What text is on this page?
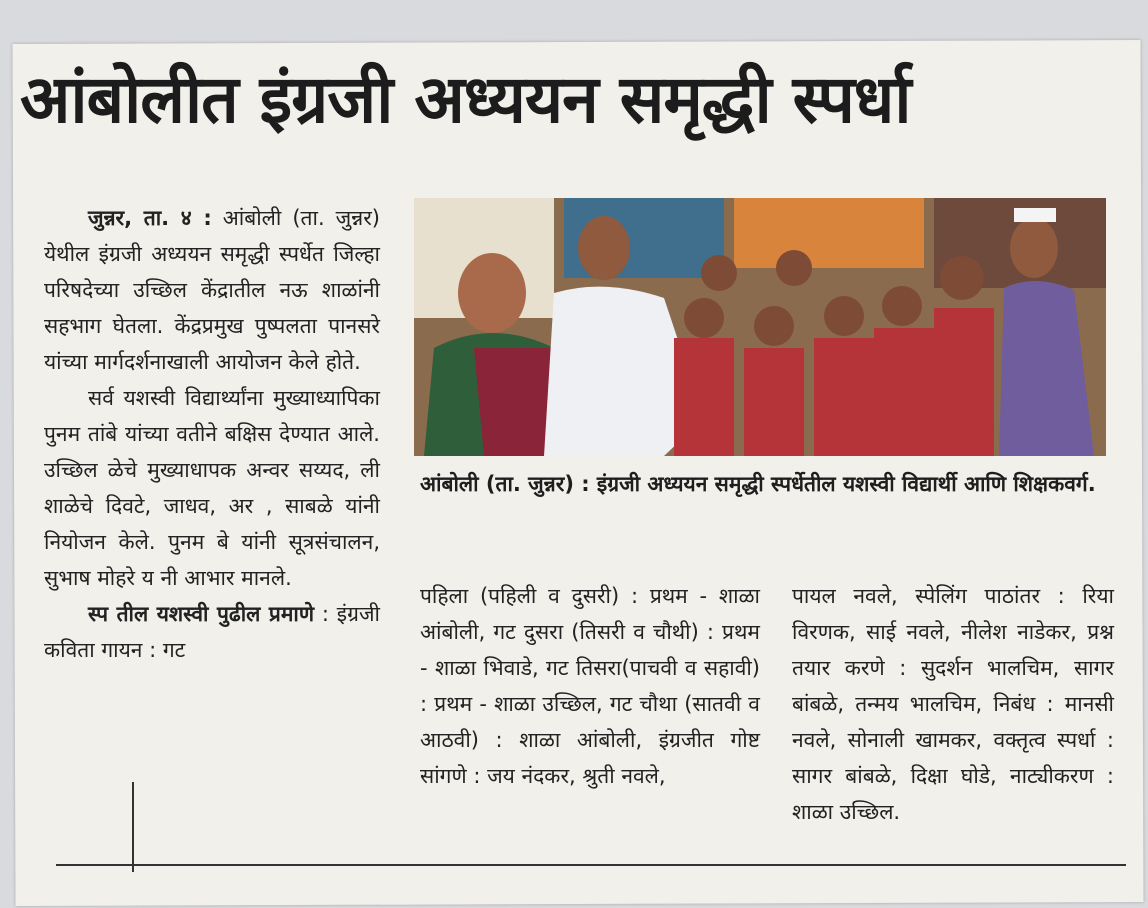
आंबोलीत इंग्रजी अध्ययन समृद्धी स्पर्धा

जुन्नर, ता. ४ : आंबोली (ता. जुन्नर) येथील इंग्रजी अध्ययन समृद्धी स्पर्धेत जिल्हा परिषदेच्या उच्छिल केंद्रातील नऊ शाळांनी सहभाग घेतला. केंद्रप्रमुख पुष्पलता पानसरे यांच्या मार्गदर्शनाखाली आयोजन केले होते.

सर्व यशस्वी विद्यार्थ्यांना मुख्याध्यापिका पुनम तांबे यांच्या वतीने बक्षिस देण्यात आले. उच्छिल ळेचे मुख्याधापक अन्वर सय्यद, ली शाळेचे दिवटे, जाधव, अर , साबळे यांनी नियोजन केले. पुनम बे यांनी सूत्रसंचालन, सुभाष मोहरे य नी आभार मानले.

स्प तील यशस्वी पुढील प्रमाणे : इंग्रजी कविता गायन : गट

आंबोली (ता. जुन्नर) : इंग्रजी अध्ययन समृद्धी स्पर्धेतील यशस्वी विद्यार्थी आणि शिक्षकवर्ग.
पहिला (पहिली व दुसरी) : प्रथम - शाळा आंबोली, गट दुसरा (तिसरी व चौथी) : प्रथम - शाळा भिवाडे, गट तिसरा(पाचवी व सहावी) : प्रथम - शाळा उच्छिल, गट चौथा (सातवी व आठवी) : शाळा आंबोली, इंग्रजीत गोष्ट सांगणे : जय नंदकर, श्रुती नवले,
पायल नवले, स्पेलिंग पाठांतर : रिया विरणक, साई नवले, नीलेश नाडेकर, प्रश्न तयार करणे : सुदर्शन भालचिम, सागर बांबळे, तन्मय भालचिम, निबंध : मानसी नवले, सोनाली खामकर, वक्तृत्व स्पर्धा : सागर बांबळे, दिक्षा घोडे, नाट्यीकरण : शाळा उच्छिल.
